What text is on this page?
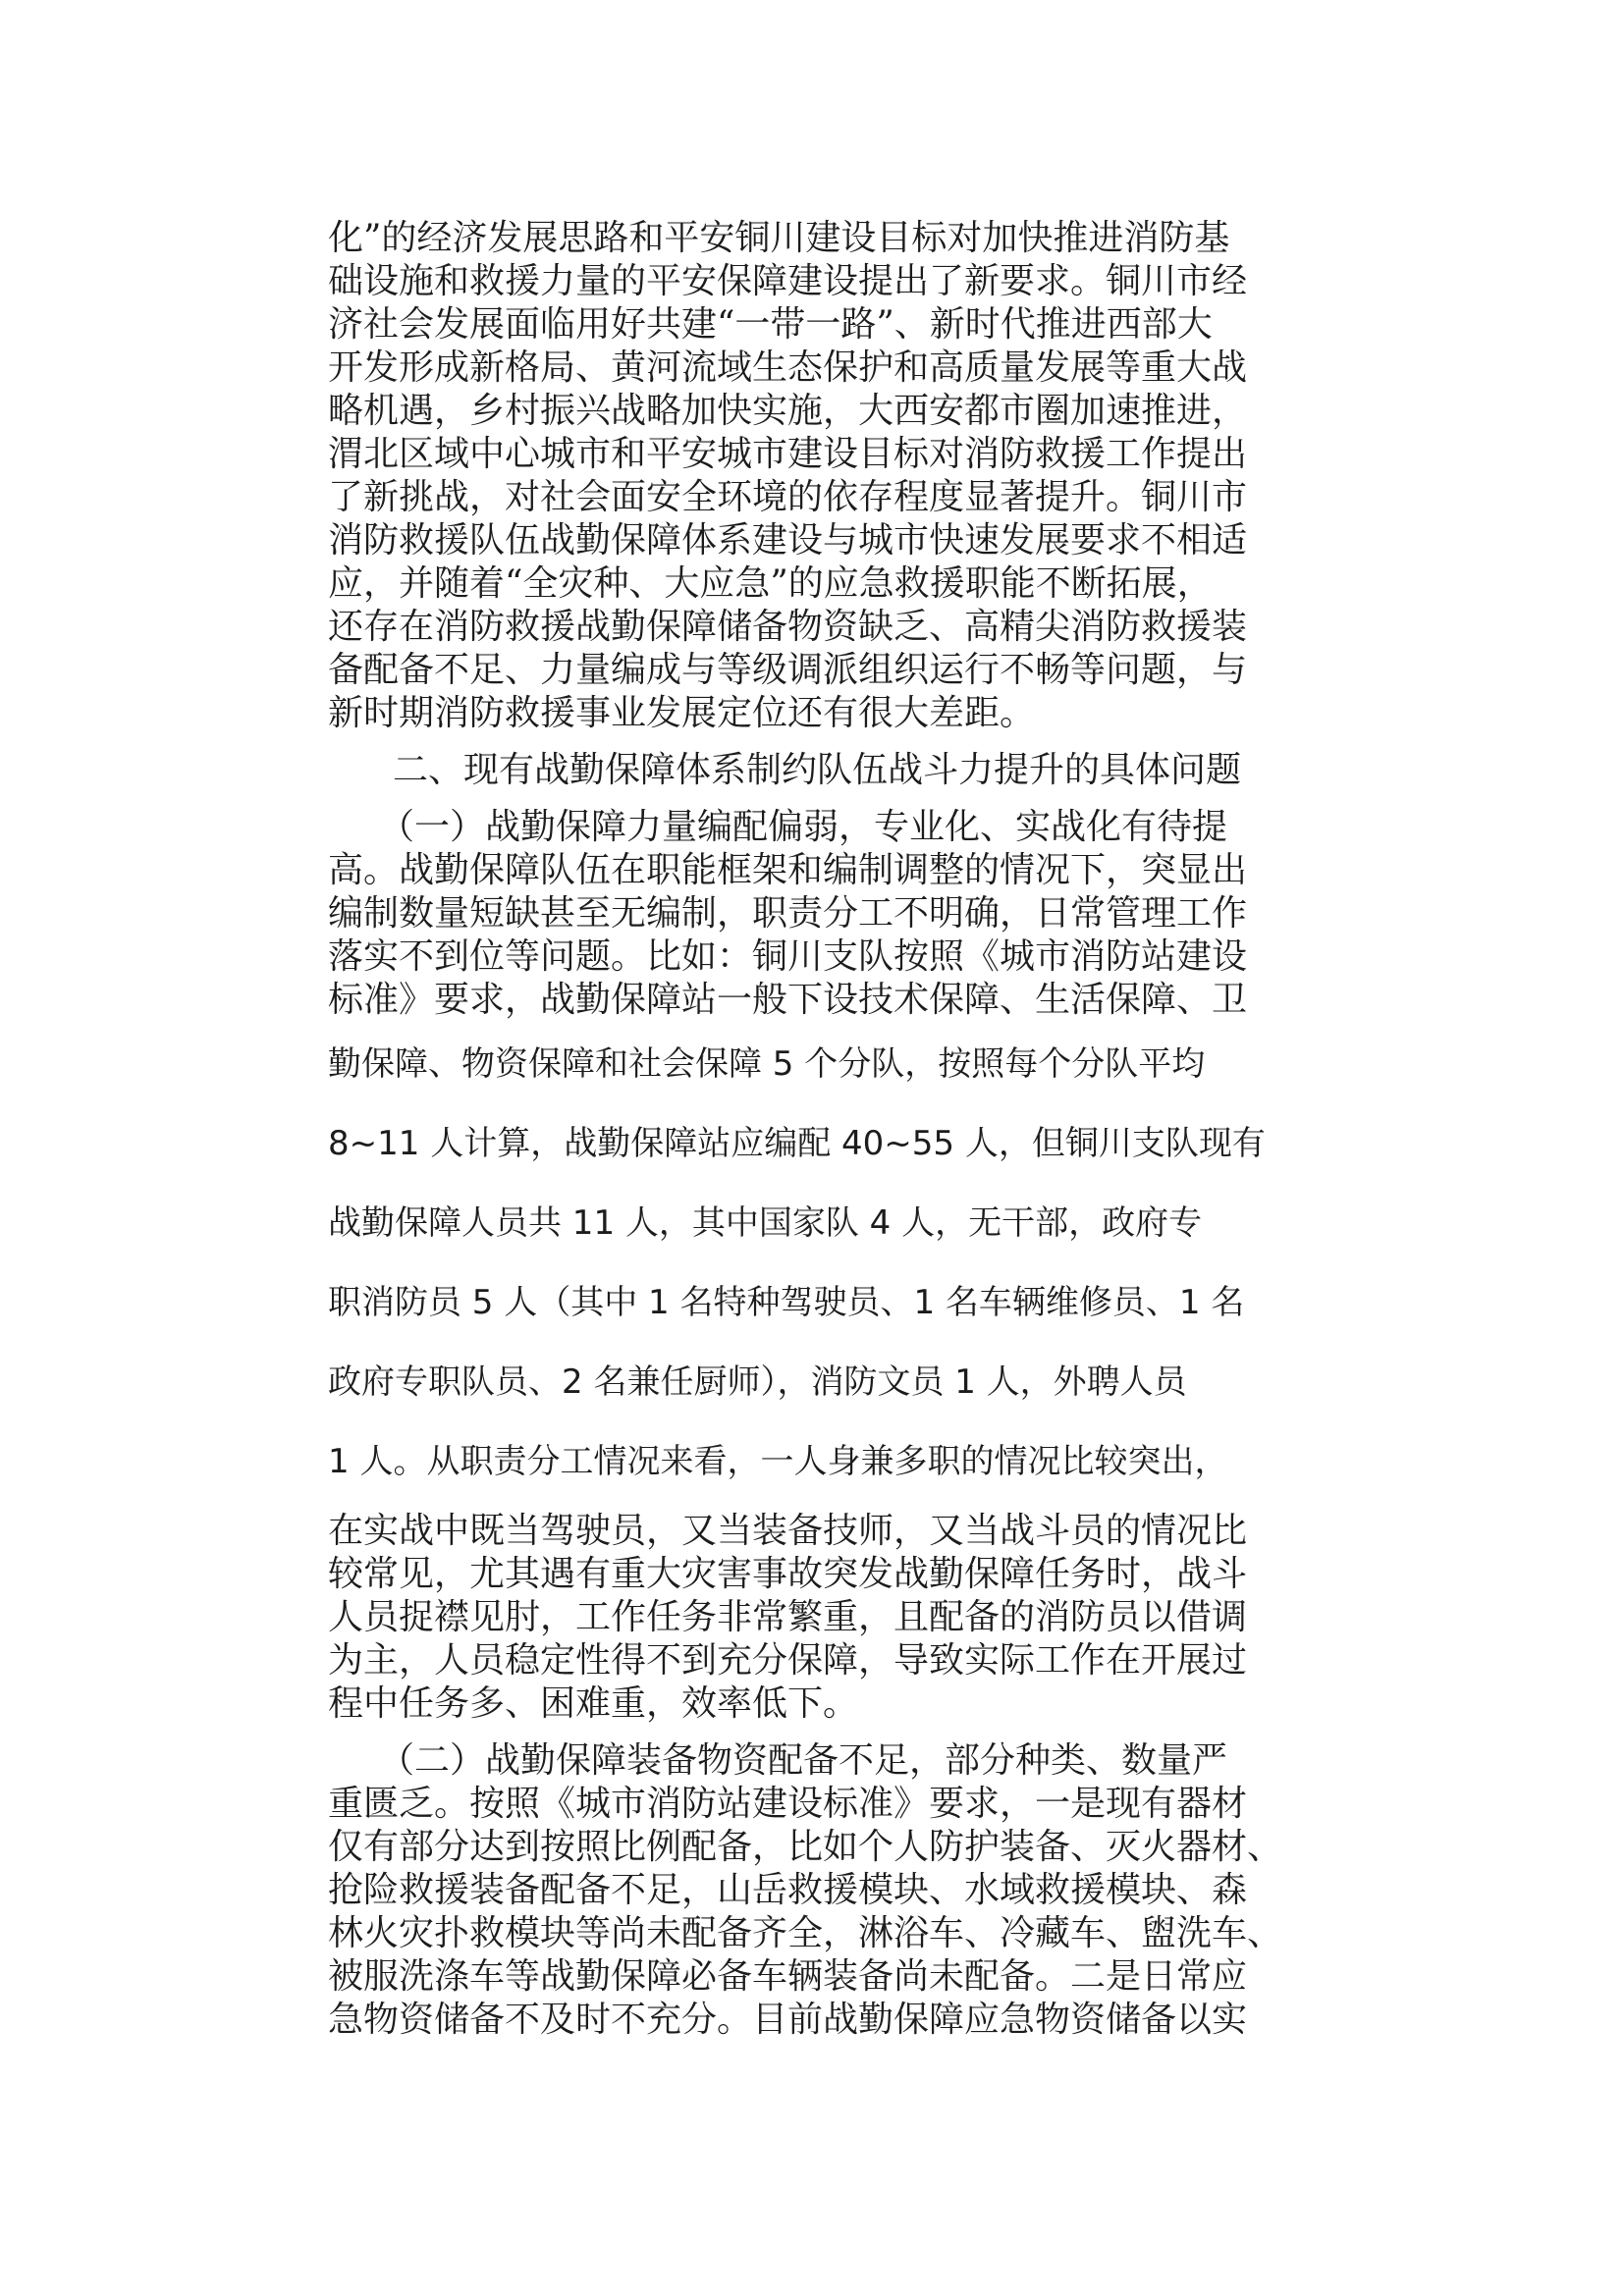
化”的经济发展思路和平安铜川建设目标对加快推进消防基
础设施和救援力量的平安保障建设提出了新要求。铜川市经
济社会发展面临用好共建“一带一路”、新时代推进西部大
开发形成新格局、黄河流域生态保护和高质量发展等重大战
略机遇，乡村振兴战略加快实施，大西安都市圈加速推进，
渭北区域中心城市和平安城市建设目标对消防救援工作提出
了新挑战，对社会面安全环境的依存程度显著提升。铜川市
消防救援队伍战勤保障体系建设与城市快速发展要求不相适
应，并随着“全灾种、大应急”的应急救援职能不断拓展，
还存在消防救援战勤保障储备物资缺乏、高精尖消防救援装
备配备不足、力量编成与等级调派组织运行不畅等问题，与
新时期消防救援事业发展定位还有很大差距。
二、现有战勤保障体系制约队伍战斗力提升的具体问题
（一）战勤保障力量编配偏弱，专业化、实战化有待提
高。战勤保障队伍在职能框架和编制调整的情况下，突显出
编制数量短缺甚至无编制，职责分工不明确，日常管理工作
落实不到位等问题。比如：铜川支队按照《城市消防站建设
标准》要求，战勤保障站一般下设技术保障、生活保障、卫
勤保障、物资保障和社会保障 5 个分队，按照每个分队平均
8~11 人计算，战勤保障站应编配 40~55 人，但铜川支队现有
战勤保障人员共 11 人，其中国家队 4 人，无干部，政府专
职消防员 5 人（其中 1 名特种驾驶员、1 名车辆维修员、1 名
政府专职队员、2 名兼任厨师），消防文员 1 人，外聘人员
1 人。从职责分工情况来看，一人身兼多职的情况比较突出，
在实战中既当驾驶员，又当装备技师，又当战斗员的情况比
较常见，尤其遇有重大灾害事故突发战勤保障任务时，战斗
人员捉襟见肘，工作任务非常繁重，且配备的消防员以借调
为主，人员稳定性得不到充分保障，导致实际工作在开展过
程中任务多、困难重，效率低下。
（二）战勤保障装备物资配备不足，部分种类、数量严
重匮乏。按照《城市消防站建设标准》要求，一是现有器材
仅有部分达到按照比例配备，比如个人防护装备、灭火器材、
抢险救援装备配备不足，山岳救援模块、水域救援模块、森
林火灾扑救模块等尚未配备齐全，淋浴车、冷藏车、盥洗车、
被服洗涤车等战勤保障必备车辆装备尚未配备。二是日常应
急物资储备不及时不充分。目前战勤保障应急物资储备以实
